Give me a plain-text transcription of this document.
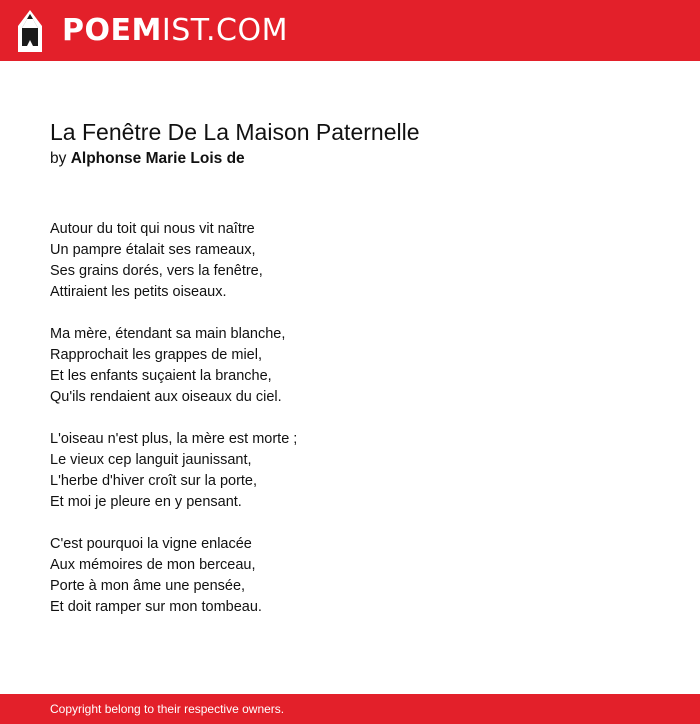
POEMIST.COM
La Fenêtre De La Maison Paternelle
by Alphonse Marie Lois de
Autour du toit qui nous vit naître
Un pampre étalait ses rameaux,
Ses grains dorés, vers la fenêtre,
Attiraient les petits oiseaux.
Ma mère, étendant sa main blanche,
Rapprochait les grappes de miel,
Et les enfants suçaient la branche,
Qu'ils rendaient aux oiseaux du ciel.
L'oiseau n'est plus, la mère est morte ;
Le vieux cep languit jaunissant,
L'herbe d'hiver croît sur la porte,
Et moi je pleure en y pensant.
C'est pourquoi la vigne enlacée
Aux mémoires de mon berceau,
Porte à mon âme une pensée,
Et doit ramper sur mon tombeau.
Copyright belong to their respective owners.
